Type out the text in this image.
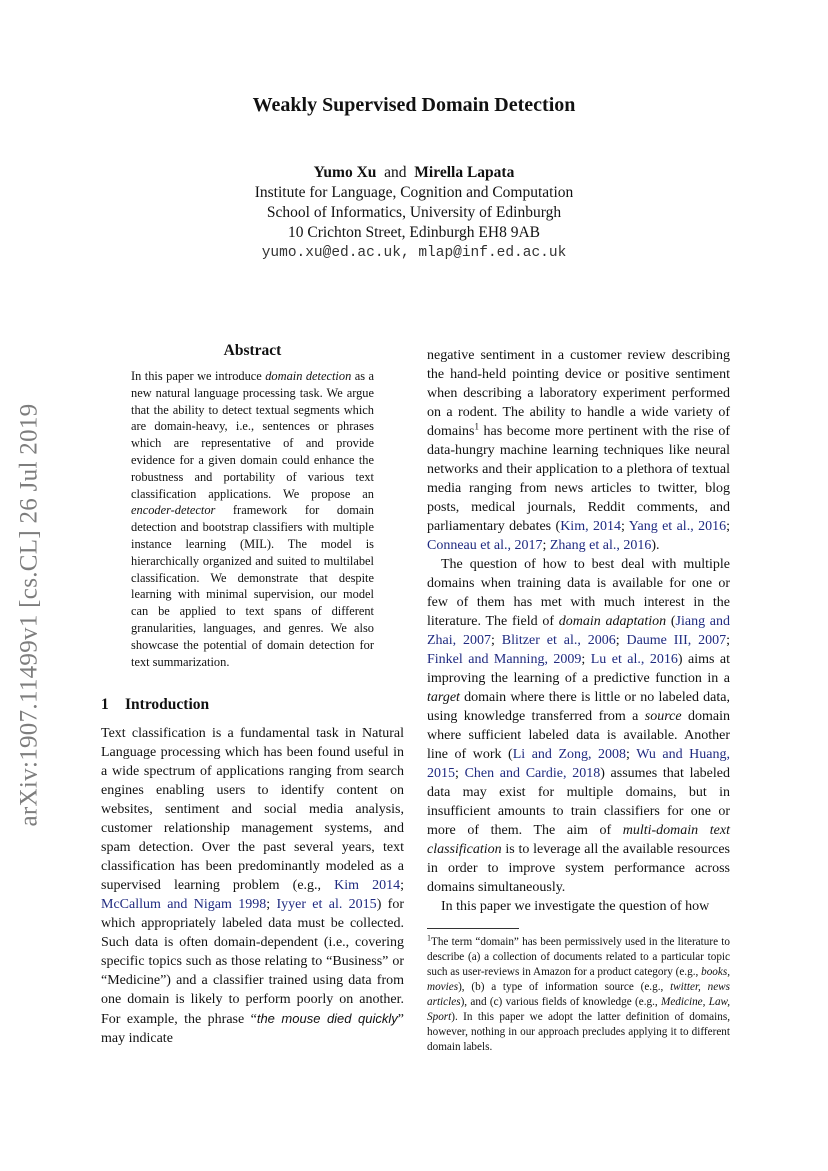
arXiv:1907.11499v1 [cs.CL] 26 Jul 2019
Weakly Supervised Domain Detection
Yumo Xu and Mirella Lapata
Institute for Language, Cognition and Computation
School of Informatics, University of Edinburgh
10 Crichton Street, Edinburgh EH8 9AB
yumo.xu@ed.ac.uk, mlap@inf.ed.ac.uk
Abstract

In this paper we introduce domain detection as a new natural language processing task. We argue that the ability to detect textual segments which are domain-heavy, i.e., sentences or phrases which are representative of and provide evidence for a given domain could enhance the robustness and portability of various text classification applications. We propose an encoder-detector framework for domain detection and bootstrap classifiers with multiple instance learning (MIL). The model is hierarchically organized and suited to multilabel classification. We demonstrate that despite learning with minimal supervision, our model can be applied to text spans of different granularities, languages, and genres. We also showcase the potential of domain detection for text summarization.

1 Introduction

Text classification is a fundamental task in Natural Language processing which has been found useful in a wide spectrum of applications ranging from search engines enabling users to identify content on websites, sentiment and social media analysis, customer relationship management systems, and spam detection. Over the past several years, text classification has been predominantly modeled as a supervised learning problem (e.g., Kim 2014; McCallum and Nigam 1998; Iyyer et al. 2015) for which appropriately labeled data must be collected. Such data is often domain-dependent (i.e., covering specific topics such as those relating to “Business” or “Medicine”) and a classifier trained using data from one domain is likely to perform poorly on another. For example, the phrase “the mouse died quickly” may indicate

negative sentiment in a customer review describing the hand-held pointing device or positive sentiment when describing a laboratory experiment performed on a rodent. The ability to handle a wide variety of domains$^1$ has become more pertinent with the rise of data-hungry machine learning techniques like neural networks and their application to a plethora of textual media ranging from news articles to twitter, blog posts, medical journals, Reddit comments, and parliamentary debates (Kim, 2014; Yang et al., 2016; Conneau et al., 2017; Zhang et al., 2016).

The question of how to best deal with multiple domains when training data is available for one or few of them has met with much interest in the literature. The field of domain adaptation (Jiang and Zhai, 2007; Blitzer et al., 2006; Daume III, 2007; Finkel and Manning, 2009; Lu et al., 2016) aims at improving the learning of a predictive function in a target domain where there is little or no labeled data, using knowledge transferred from a source domain where sufficient labeled data is available. Another line of work (Li and Zong, 2008; Wu and Huang, 2015; Chen and Cardie, 2018) assumes that labeled data may exist for multiple domains, but in insufficient amounts to train classifiers for one or more of them. The aim of multi-domain text classification is to leverage all the available resources in order to improve system performance across domains simultaneously.

In this paper we investigate the question of how

$^1$The term “domain” has been permissively used in the literature to describe (a) a collection of documents related to a particular topic such as user-reviews in Amazon for a product category (e.g., books, movies), (b) a type of information source (e.g., twitter, news articles), and (c) various fields of knowledge (e.g., Medicine, Law, Sport). In this paper we adopt the latter definition of domains, however, nothing in our approach precludes applying it to different domain labels.
